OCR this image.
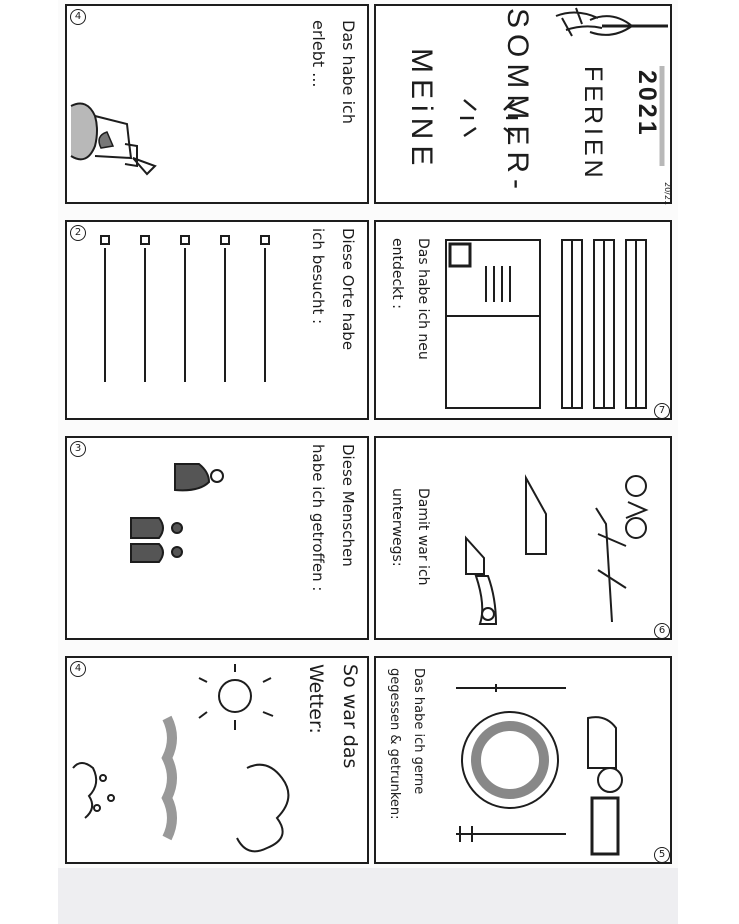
4
Das habe ich
erlebt ...
2	Diese Orte habe
ich besucht :
3	Diese Menschen
habe ich getroffen :
4	So war das
Wetter:
MEiNE SOMMER- FERIEN 2021
20/21
Das habe ich neu
entdeckt :
7
Damit war ich
unterwegs:
6
Das habe ich gerne
gegessen & getrunken:
5
